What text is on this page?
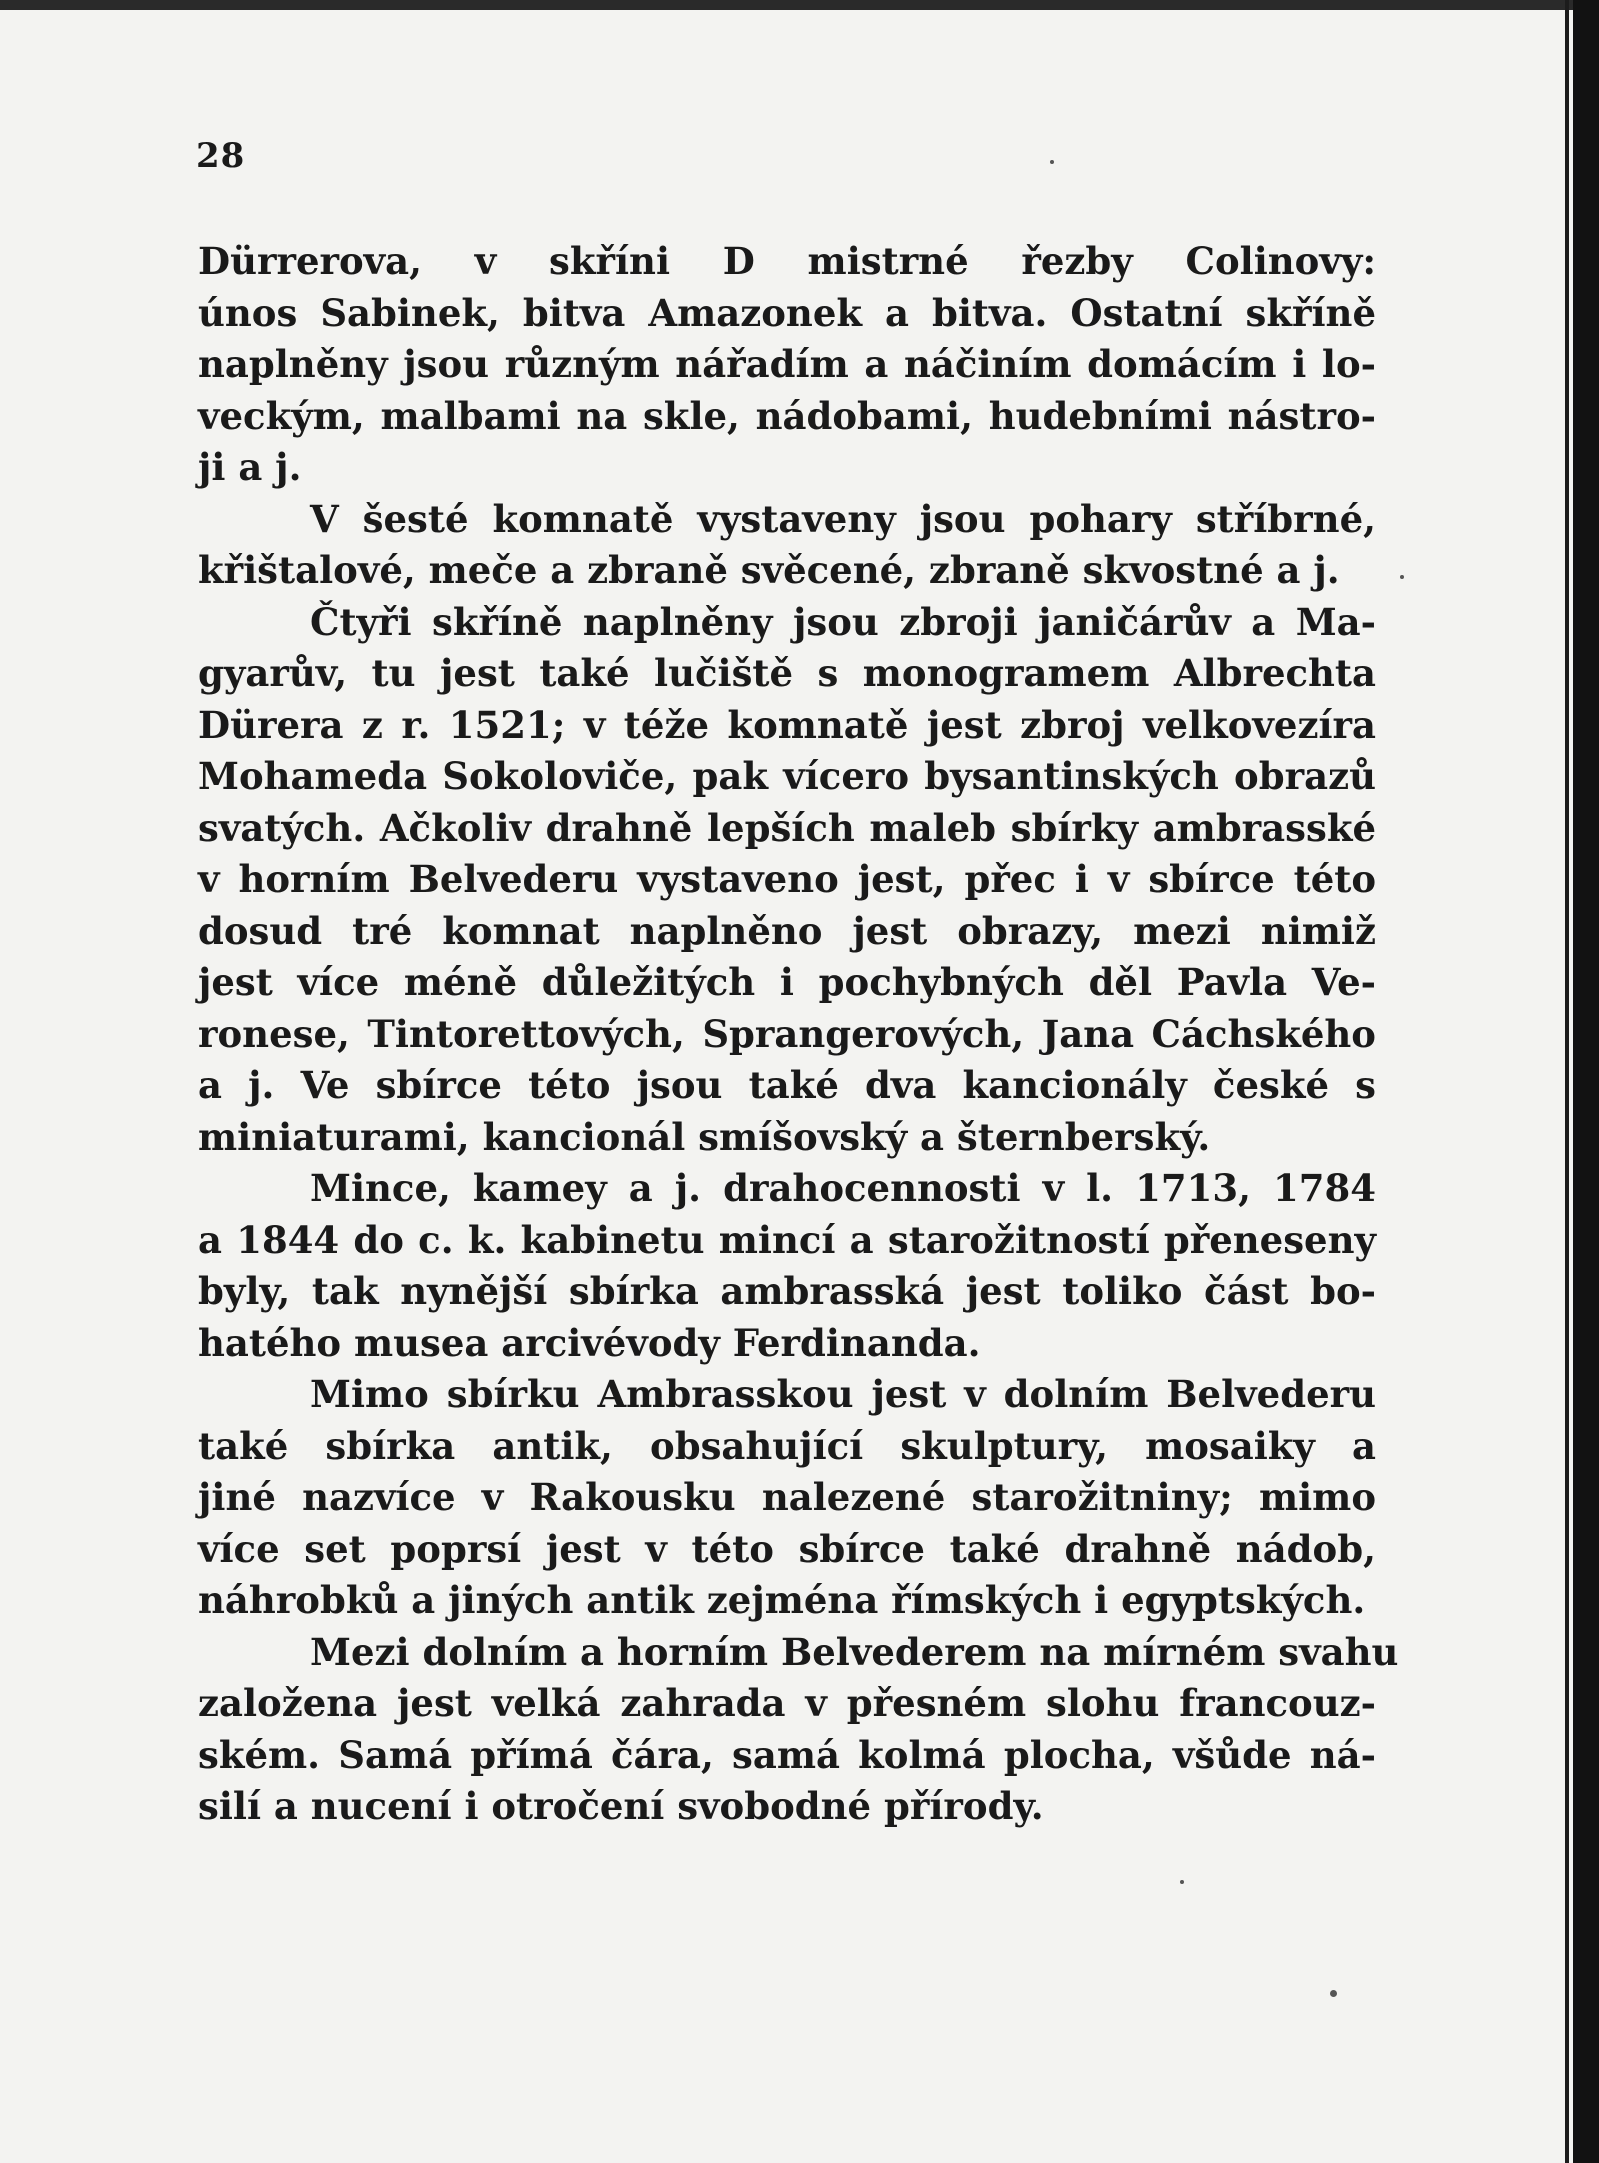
28
Dürrerova, v skříni D mistrné řezby Colinovy:
únos Sabinek, bitva Amazonek a bitva. Ostatní skříně
naplněny jsou různým nářadím a náčiním domácím i lo-
veckým, malbami na skle, nádobami, hudebními nástro-
ji a j.
V šesté komnatě vystaveny jsou pohary stříbrné,
křištalové, meče a zbraně svěcené, zbraně skvostné a j.
Čtyři skříně naplněny jsou zbroji janičárův a Ma-
gyarův, tu jest také lučiště s monogramem Albrechta
Dürera z r. 1521; v téže komnatě jest zbroj velkovezíra
Mohameda Sokoloviče, pak vícero bysantinských obrazů
svatých. Ačkoliv drahně lepších maleb sbírky ambrasské
v horním Belvederu vystaveno jest, přec i v sbírce této
dosud tré komnat naplněno jest obrazy, mezi nimiž
jest více méně důležitých i pochybných děl Pavla Ve-
ronese, Tintorettových, Sprangerových, Jana Cáchského
a j. Ve sbírce této jsou také dva kancionály české s
miniaturami, kancionál smíšovský a šternberský.
Mince, kamey a j. drahocennosti v l. 1713, 1784
a 1844 do c. k. kabinetu mincí a starožitností přeneseny
byly, tak nynější sbírka ambrasská jest toliko část bo-
hatého musea arcivévody Ferdinanda.
Mimo sbírku Ambrasskou jest v dolním Belvederu
také sbírka antik, obsahující skulptury, mosaiky a
jiné nazvíce v Rakousku nalezené starožitniny; mimo
více set poprsí jest v této sbírce také drahně nádob,
náhrobků a jiných antik zejména římských i egyptských.
Mezi dolním a horním Belvederem na mírném svahu
založena jest velká zahrada v přesném slohu francouz-
ském. Samá přímá čára, samá kolmá plocha, všůde ná-
silí a nucení i otročení svobodné přírody.
